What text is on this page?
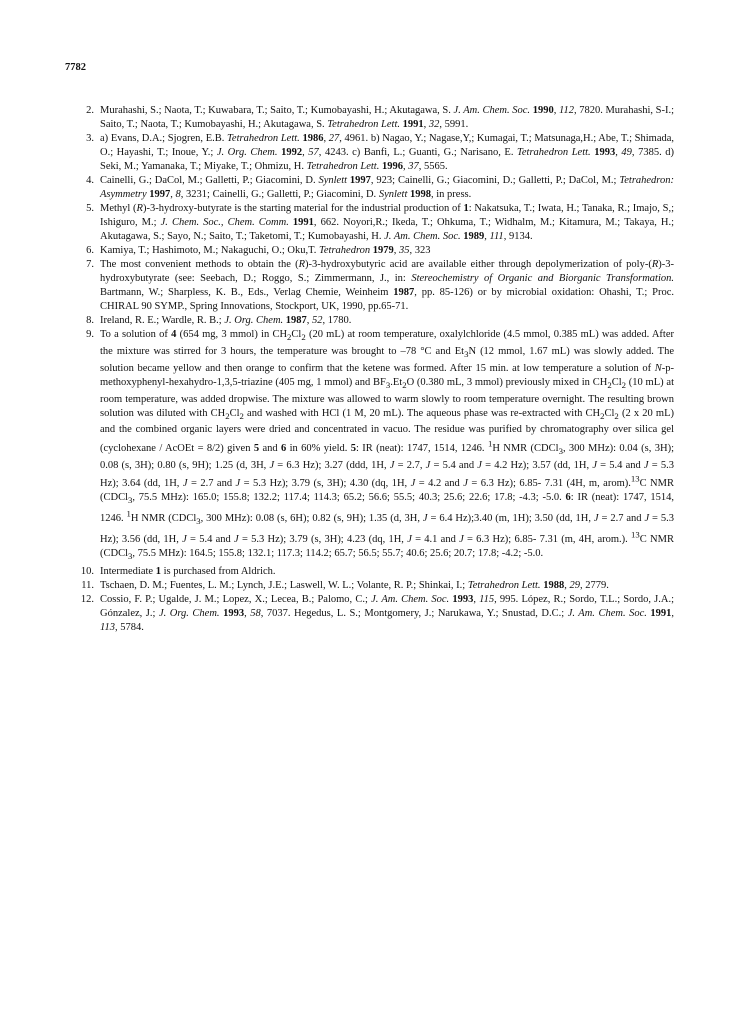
7782
2. Murahashi, S.; Naota, T.; Kuwabara, T.; Saito, T.; Kumobayashi, H.; Akutagawa, S. J. Am. Chem. Soc. 1990, 112, 7820. Murahashi, S-I.; Saito, T.; Naota, T.; Kumobayashi, H.; Akutagawa, S. Tetrahedron Lett. 1991, 32, 5991.
3. a) Evans, D.A.; Sjogren, E.B. Tetrahedron Lett. 1986, 27, 4961. b) Nagao, Y.; Nagase,Y,; Kumagai, T.; Matsunaga,H.; Abe, T.; Shimada, O.; Hayashi, T.; Inoue, Y.; J. Org. Chem. 1992, 57, 4243. c) Banfi, L.; Guanti, G.; Narisano, E. Tetrahedron Lett. 1993, 49, 7385. d) Seki, M.; Yamanaka, T.; Miyake, T.; Ohmizu, H. Tetrahedron Lett. 1996, 37, 5565.
4. Cainelli, G.; DaCol, M.; Galletti, P.; Giacomini, D. Synlett 1997, 923; Cainelli, G.; Giacomini, D.; Galletti, P.; DaCol, M.; Tetrahedron: Asymmetry 1997, 8, 3231; Cainelli, G.; Galletti, P.; Giacomini, D. Synlett 1998, in press.
5. Methyl (R)-3-hydroxy-butyrate is the starting material for the industrial production of 1: Nakatsuka, T.; Iwata, H.; Tanaka, R.; Imajo, S,; Ishiguro, M.; J. Chem. Soc., Chem. Comm. 1991, 662. Noyori,R.; Ikeda, T.; Ohkuma, T.; Widhalm, M.; Kitamura, M.; Takaya, H.; Akutagawa, S.; Sayo, N.; Saito, T.; Taketomi, T.; Kumobayashi, H. J. Am. Chem. Soc. 1989, 111, 9134.
6. Kamiya, T.; Hashimoto, M.; Nakaguchi, O.; Oku,T. Tetrahedron 1979, 35, 323
7. The most convenient methods to obtain the (R)-3-hydroxybutyric acid are available either through depolymerization of poly-(R)-3-hydroxybutyrate (see: Seebach, D.; Roggo, S.; Zimmermann, J., in: Stereochemistry of Organic and Biorganic Transformation. Bartmann, W.; Sharpless, K. B., Eds., Verlag Chemie, Weinheim 1987, pp. 85-126) or by microbial oxidation: Ohashi, T.; Proc. CHIRAL 90 SYMP., Spring Innovations, Stockport, UK, 1990, pp.65-71.
8. Ireland, R. E.; Wardle, R. B.; J. Org. Chem. 1987, 52, 1780.
9. To a solution of 4 (654 mg, 3 mmol) in $CH_2Cl_2$ (20 mL) at room temperature, oxalylchloride (4.5 mmol, 0.385 mL) was added. After the mixture was stirred for 3 hours, the temperature was brought to –78 °C and $Et_3N$ (12 mmol, 1.67 mL) was slowly added. The solution became yellow and then orange to confirm that the ketene was formed. After 15 min. at low temperature a solution of N-p-methoxyphenyl-hexahydro-1,3,5-triazine (405 mg, 1 mmol) and $BF_3.Et_2O$ (0.380 mL, 3 mmol) previously mixed in $CH_2Cl_2$ (10 mL) at room temperature, was added dropwise. The mixture was allowed to warm slowly to room temperature overnight. The resulting brown solution was diluted with $CH_2Cl_2$ and washed with HCl (1 M, 20 mL). The aqueous phase was re-extracted with $CH_2Cl_2$ (2 x 20 mL) and the combined organic layers were dried and concentrated in vacuo. The residue was purified by chromatography over silica gel (cyclohexane / AcOEt = 8/2) given 5 and 6 in 60% yield. 5: IR (neat): 1747, 1514, 1246. $^1$H NMR (CDCl$_3$, 300 MHz): 0.04 (s, 3H); 0.08 (s, 3H); 0.80 (s, 9H); 1.25 (d, 3H, J = 6.3 Hz); 3.27 (ddd, 1H, J = 2.7, J = 5.4 and J = 4.2 Hz); 3.57 (dd, 1H, J = 5.4 and J = 5.3 Hz); 3.64 (dd, 1H, J = 2.7 and J = 5.3 Hz); 3.79 (s, 3H); 4.30 (dq, 1H, J = 4.2 and J = 6.3 Hz); 6.85- 7.31 (4H, m, arom).$^{13}$C NMR (CDCl$_3$, 75.5 MHz): 165.0; 155.8; 132.2; 117.4; 114.3; 65.2; 56.6; 55.5; 40.3; 25.6; 22.6; 17.8; -4.3; -5.0. 6: IR (neat): 1747, 1514, 1246. $^1$H NMR (CDCl$_3$, 300 MHz): 0.08 (s, 6H); 0.82 (s, 9H); 1.35 (d, 3H, J = 6.4 Hz);3.40 (m, 1H); 3.50 (dd, 1H, J = 2.7 and J = 5.3 Hz); 3.56 (dd, 1H, J = 5.4 and J = 5.3 Hz); 3.79 (s, 3H); 4.23 (dq, 1H, J = 4.1 and J = 6.3 Hz); 6.85- 7.31 (m, 4H, arom.). $^{13}$C NMR (CDCl$_3$, 75.5 MHz): 164.5; 155.8; 132.1; 117.3; 114.2; 65.7; 56.5; 55.7; 40.6; 25.6; 20.7; 17.8; -4.2; -5.0.
10. Intermediate 1 is purchased from Aldrich.
11. Tschaen, D. M.; Fuentes, L. M.; Lynch, J.E.; Laswell, W. L.; Volante, R. P.; Shinkai, I.; Tetrahedron Lett. 1988, 29, 2779.
12. Cossio, F. P.; Ugalde, J. M.; Lopez, X.; Lecea, B.; Palomo, C.; J. Am. Chem. Soc. 1993, 115, 995. López, R.; Sordo, T.L.; Sordo, J.A.; Gónzalez, J.; J. Org. Chem. 1993, 58, 7037. Hegedus, L. S.; Montgomery, J.; Narukawa, Y.; Snustad, D.C.; J. Am. Chem. Soc. 1991, 113, 5784.
